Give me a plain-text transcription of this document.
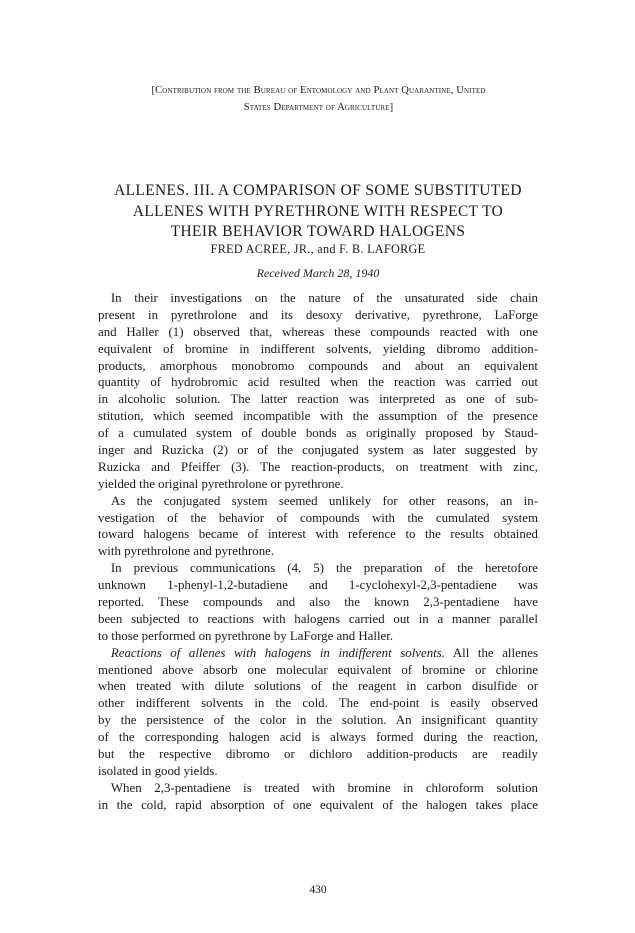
[Contribution from the Bureau of Entomology and Plant Quarantine, United
States Department of Agriculture]
ALLENES. III. A COMPARISON OF SOME SUBSTITUTED
ALLENES WITH PYRETHRONE WITH RESPECT TO
THEIR BEHAVIOR TOWARD HALOGENS
FRED ACREE, JR., and F. B. LAFORGE
Received March 28, 1940
 In their investigations on the nature of the unsaturated side chain
present in pyrethrolone and its desoxy derivative, pyrethrone, LaForge
and Haller (1) observed that, whereas these compounds reacted with one
equivalent of bromine in indifferent solvents, yielding dibromo addition-
products, amorphous monobromo compounds and about an equivalent
quantity of hydrobromic acid resulted when the reaction was carried out
in alcoholic solution. The latter reaction was interpreted as one of sub-
stitution, which seemed incompatible with the assumption of the presence
of a cumulated system of double bonds as originally proposed by Staud-
inger and Ruzicka (2) or of the conjugated system as later suggested by
Ruzicka and Pfeiffer (3). The reaction-products, on treatment with zinc,
yielded the original pyrethrolone or pyrethrone.
 As the conjugated system seemed unlikely for other reasons, an in-
vestigation of the behavior of compounds with the cumulated system
toward halogens became of interest with reference to the results obtained
with pyrethrolone and pyrethrone.
 In previous communications (4, 5) the preparation of the heretofore
unknown 1-phenyl-1,2-butadiene and 1-cyclohexyl-2,3-pentadiene was
reported. These compounds and also the known 2,3-pentadiene have
been subjected to reactions with halogens carried out in a manner parallel
to those performed on pyrethrone by LaForge and Haller.
 Reactions of allenes with halogens in indifferent solvents. All the allenes
mentioned above absorb one molecular equivalent of bromine or chlorine
when treated with dilute solutions of the reagent in carbon disulfide or
other indifferent solvents in the cold. The end-point is easily observed
by the persistence of the color in the solution. An insignificant quantity
of the corresponding halogen acid is always formed during the reaction,
but the respective dibromo or dichloro addition-products are readily
isolated in good yields.
 When 2,3-pentadiene is treated with bromine in chloroform solution
in the cold, rapid absorption of one equivalent of the halogen takes place
430
